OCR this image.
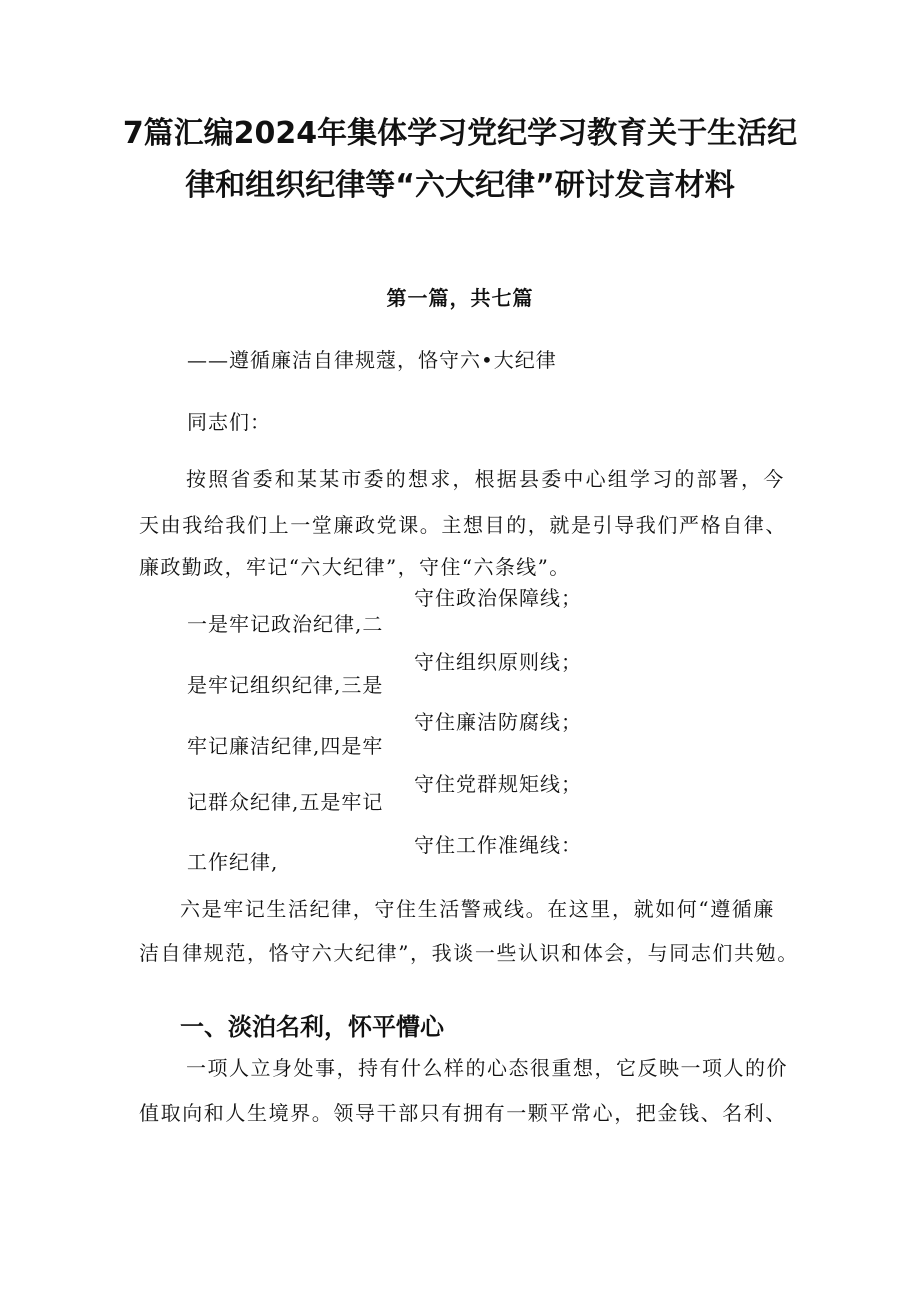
7篇汇编2024年集体学习党纪学习教育关于生活纪
律和组织纪律等“六大纪律”研讨发言材料
第一篇，共七篇

——遵循廉洁自律规蔻，恪守六•大纪律

同志们：

按照省委和某某市委的想求，根据县委中心组学习的部署，今

天由我给我们上一堂廉政党课。主想目的，就是引导我们严格自律、

廉政勤政，牢记“六大纪律”，守住“六条线”。

一是牢记政治纪律,二

是牢记组织纪律,三是

牢记廉洁纪律,四是牢

记群众纪律,五是牢记

工作纪律,

守住政治保障线；

守住组织原则线；

守住廉洁防腐线；

守住党群规矩线；

守住工作准绳线：

六是牢记生活纪律，守住生活警戒线。在这里，就如何“遵循廉

洁自律规范，恪守六大纪律”，我谈一些认识和体会，与同志们共勉。

一、淡泊名利，怀平懵心

一项人立身处事，持有什么样的心态很重想，它反映一项人的价

值取向和人生境界。领导干部只有拥有一颗平常心，把金钱、名利、
